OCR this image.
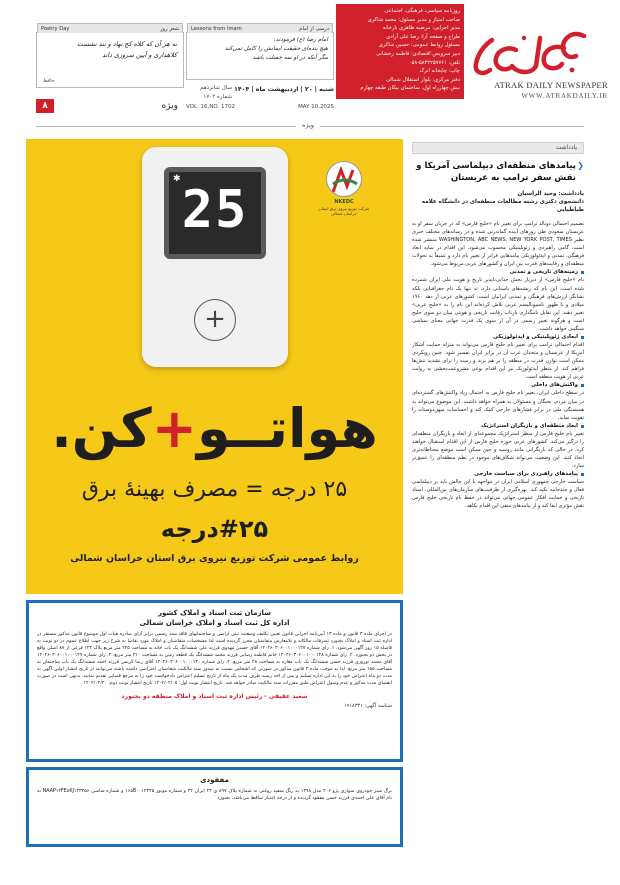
ATRAK DAILY NEWSPAPER
WWW.ATRAKDAILY.IR
روزنامه سیاسی، فرهنگی، اجتماعی
صاحب امتیاز و مدیر مسئول: محمد شاکری
مدیر اجرایی: مرضیه طاهری بارخانه
طراح و صفحه آرا: رضا علی آزادی
مسئول روابط عمومی: حسین شاکری
دبیر سرویس اقتصادی: فاطمه رخشانی
تلفن: ۵۸۳۲۲۵۷۷۶۱-۰۵۸
چاپ: چاپخانه اترک
دفتر مرکزی: بلوار استقلال شمالی
نبش چهارراه اول، ساختمان نیکان طبقه چهارم
شنبه | ۲۰ | اردیبهشت ماه | ۱۴۰۴
سال شانزدهم
شماره ۱۷۰۲
VOL. 16,NO. 1702	MAY 10.2025
Poetry Day	شعر روز
نه هر آن که کلاه کج نهاد و تند نشست
کلاهداری و آیین سروری داند
حافظ
Lessons from Imam	درسی از امام
امام رضا (ع) فرمودند:
هیچ بنده‌ای حقیقت ایمانش را کامل نمی‌کند
مگر آنکه در او سه خصلت باشد
ویژه
۸
ویژه
✱
25
+
NKEDC
شرکت توزیع نیروی برق استان خراسان شمالی
هواتــو+کن.
۲۵ درجه = مصرف بهینهٔ برق
#۲۵درجه
روابط عمومی شرکت توزیع نیروی برق استان خراسان شمالی
سازمان ثبت اسناد و املاک کشور
اداره کل ثبت اسناد و املاک خراسان شمالی
در اجرای ماده ۳ قانون و ماده ۱۳ آیین‌نامه اجرایی قانون تعیین تکلیف وضعیت ثبتی اراضی و ساختمانهای فاقد سند رسمی برابر آرای صادره هیات اول موضوع قانون مذکور مستقر در اداره ثبت اسناد و املاک بجنورد تصرفات مالکانه و بلامعارض متقاضیان محرز گردیده است لذا مشخصات متقاضیان و املاک مورد تقاضا به شرح زیر جهت اطلاع عموم در دو نوبت به فاصله ۱۵ روز آگهی می‌شود. ۱. رای شماره ۱۴۰۴۶۰۳۰۶۰۰۱۰۰۰۱۲۷ آقای حسین مهدوی فرزند علی ششدانگ یک باب خانه به مساحت ۲۴۵ متر مربع پلاک ۱۲۳ فرعی از ۸۷ اصلی واقع در بخش دو بجنورد. ۲. رای شماره ۱۴۰۴۶۰۳۰۶۰۰۱۰۰۰۱۲۸ خانم فاطمه رضایی فرزند محمد ششدانگ یک قطعه زمین به مساحت ۳۱۰ متر مربع. ۳. رای شماره ۱۴۰۴۶۰۳۰۶۰۰۱۰۰۰۱۲۹ آقای محمد نوروزی فرزند حسن ششدانگ یک باب مغازه به مساحت ۴۸ متر مربع. ۴. رای شماره ۱۴۰۴۶۰۳۰۶۰۰۱۰۰۰۱۳۰ آقای رضا کریمی فرزند احمد ششدانگ یک باب ساختمان به مساحت ۱۸۵ متر مربع. لذا به موجب ماده ۳ قانون مذکور در صورتی که اشخاص نسبت به صدور سند مالکیت متقاضیان اعتراضی داشته باشند می‌توانند از تاریخ انتشار اولین آگهی به مدت دو ماه اعتراض خود را به این اداره تسلیم و پس از اخذ رسید ظرف مدت یک ماه از تاریخ تسلیم اعتراض دادخواست خود را به مرجع قضایی تقدیم نمایند. بدیهی است در صورت انقضای مدت مذکور و عدم وصول اعتراض طبق مقررات سند مالکیت صادر خواهد شد. تاریخ انتشار نوبت اول: ۱۴۰۴/۰۲/۰۵ تاریخ انتشار نوبت دوم: ۱۴۰۴/۰۲/۲۰
سعید عقیقی - رئیس اداره ثبت اسناد و املاک منطقه دو بجنورد
شناسه آگهی: ۱۹۱۸۳۳۱
مفقودی
برگ سبز خودروی سواری پژو ۲۰۶ مدل ۱۳۹۸ به رنگ سفید روغنی به شماره پلاک ۸۹۷ ی ۴۳ ایران ۳۲ و شماره موتور ۱۶۵B۰۰۱۲۳۴۵ و شماره شاسی NAAP۱۳FE۸KJ۱۲۳۴۵۶ به نام آقای علی احمدی فرزند حسن مفقود گردیده و از درجه اعتبار ساقط می‌باشد. بجنورد
یادداشت
❮
پیامدهای منطقه‌ای دیپلماسی آمریکا و نقش سفر ترامپ به عربستان
یادداشت: وحید الراسیان
دانشجوی دکتری رشته مطالعات منطقه‌ای در دانشگاه علامه طباطبایی
تصمیم احتمالی دونالد ترامپ برای تغییر نام «خلیج فارس» که در جریان سفر او به عربستان سعودی طی روزهای آینده گمانه‌زنی شده و در رسانه‌های مختلف خبری نظیر WASHINGTON, ABC NEWS, NEW YORK POST, TIMES منتشر شده است، گامی راهبردی و ژئوپلیتیکی محسوب می‌شود. این اقدام در سایه ابعاد فرهنگی، تمدنی و ایدئولوژیکی پیامدهایی فراتر از تغییر نام دارد و عمیقاً به تحولات منطقه‌ای و رقابت‌های قدرت بین ایران و کشورهای عربی مربوط می‌شود.
زمینه‌های تاریخی و تمدنی
نام «خلیج فارس» از دیرباز بخش جدایی‌ناپذیر تاریخ و هویت ملی ایران شمرده شده است. این نام که ریشه‌های باستانی دارد، نه تنها یک نام جغرافیایی بلکه نشانگر ارزش‌های فرهنگی و تمدنی ایرانیان است. کشورهای عربی از دهه ۱۹۶۰ میلادی و با ظهور ناسیونالیسم عربی تلاش کرده‌اند این نام را به «خلیج عربی» تغییر دهند. این تقابل نامگذاری بازتاب رقابت تاریخی و هویتی میان دو سوی خلیج است و هرگونه تغییر رسمی در آن از سوی یک قدرت جهانی معنای سیاسی سنگینی خواهد داشت.
ابعادی ژئوپلیتیکی و ایدئولوژیکی
اقدام احتمالی ترامپ برای تغییر نام خلیج فارس می‌تواند به منزله حمایت آشکار آمریکا از عربستان و متحدان عرب آن در برابر ایران تفسیر شود. چنین رویکردی ممکن است توازن قدرت در منطقه را بر هم بزند و زمینه را برای تشدید تنش‌ها فراهم کند. از منظر ایدئولوژیک نیز این اقدام نوعی مشروعیت‌بخشی به روایت عربی از هویت منطقه است.
واکنش‌های داخلی
در سطح داخلی ایران، تغییر نام خلیج فارس به احتمال زیاد واکنش‌های گسترده‌ای در میان مردم، نخبگان و مسئولان به همراه خواهد داشت. این موضوع می‌تواند به همبستگی ملی در برابر فشارهای خارجی کمک کند و احساسات میهن‌دوستانه را تقویت نماید.
ابعاد منطقه‌ای و بازیگران استراتژیک
تغییر نام خلیج فارس از منظر استراتژیک مجموعه‌ای از ابعاد و بازیگران منطقه‌ای را درگیر می‌کند. کشورهای عربی حوزه خلیج فارس از این اقدام استقبال خواهند کرد، در حالی که بازیگرانی مانند روسیه و چین ممکن است موضع محتاطانه‌تری اتخاذ کنند. این وضعیت می‌تواند شکاف‌های موجود در نظم منطقه‌ای را عمیق‌تر سازد.
پیامدهای راهبردی برای سیاست خارجی
سیاست خارجی جمهوری اسلامی ایران در مواجهه با این چالش باید بر دیپلماسی فعال و چندجانبه تکیه کند. بهره‌گیری از ظرفیت‌های سازمان‌های بین‌المللی، اسناد تاریخی و حمایت افکار عمومی جهانی می‌تواند در حفظ نام تاریخی خلیج فارس نقش مؤثری ایفا کند و از پیامدهای منفی این اقدام بکاهد.
